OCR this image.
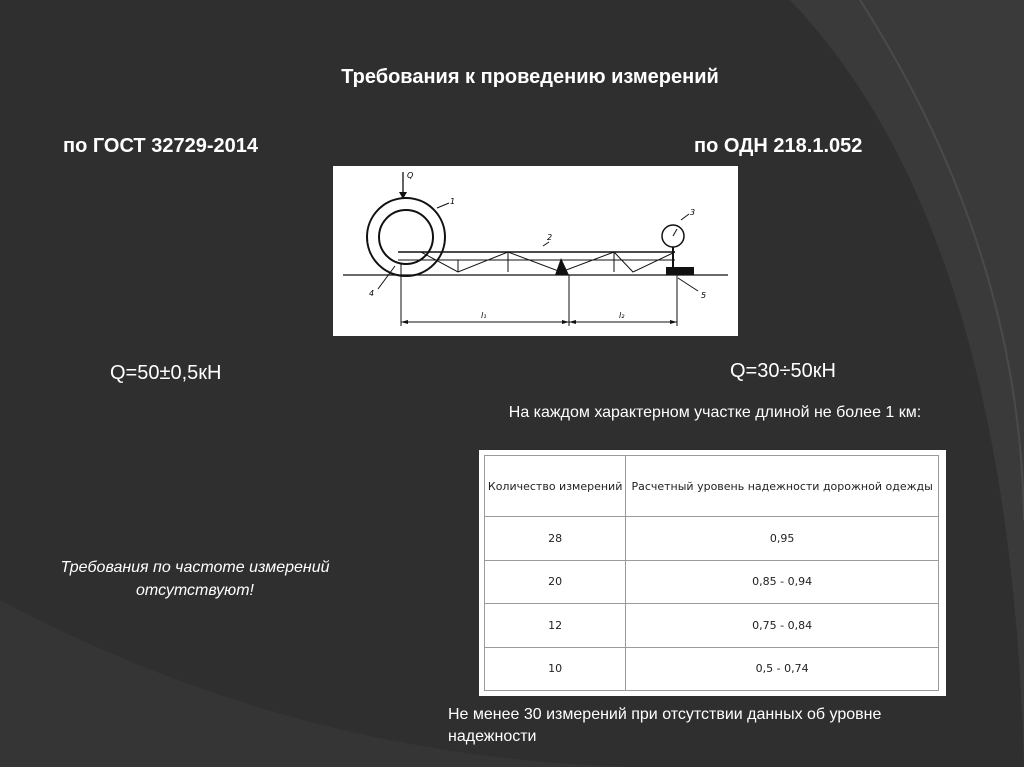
Требования к проведению измерений
по ГОСТ 32729-2014	по ОДН 218.1.052
Q
1
2
3
5
4
l₁	l₂
Q=50±0,5кН	Q=30÷50кН
На каждом характерном участке длиной не более 1 км:
Требования по частоте измерений отсутствуют!
Количество измерений	Расчетный уровень надежности дорожной одежды
28	0,95
20	0,85 - 0,94
12	0,75 - 0,84
10	0,5 - 0,74
Не менее 30 измерений при отсутствии данных об уровне надежности
